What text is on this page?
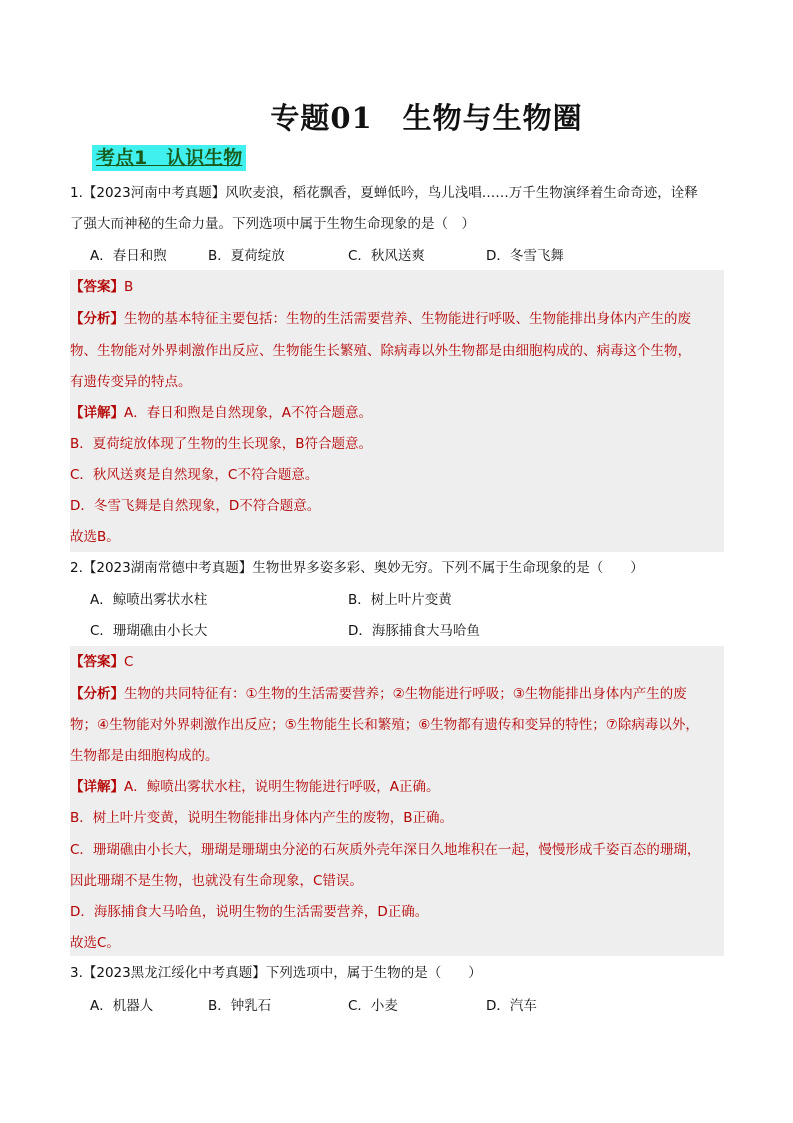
专题01　生物与生物圈
考点1　认识生物
1.【2023河南中考真题】风吹麦浪，稻花飘香，夏蝉低吟，鸟儿浅唱……万千生物演绎着生命奇迹，诠释
了强大而神秘的生命力量。下列选项中属于生物生命现象的是（　）
A．春日和煦	B．夏荷绽放	C．秋风送爽	D．冬雪飞舞
【答案】B
【分析】生物的基本特征主要包括：生物的生活需要营养、生物能进行呼吸、生物能排出身体内产生的废
物、生物能对外界刺激作出反应、生物能生长繁殖、除病毒以外生物都是由细胞构成的、病毒这个生物，
有遗传变异的特点。
【详解】A．春日和煦是自然现象，A不符合题意。
B．夏荷绽放体现了生物的生长现象，B符合题意。
C．秋风送爽是自然现象，C不符合题意。
D．冬雪飞舞是自然现象，D不符合题意。
故选B。
2.【2023湖南常德中考真题】生物世界多姿多彩、奥妙无穷。下列不属于生命现象的是（　　）
A．鲸喷出雾状水柱	B．树上叶片变黄
C．珊瑚礁由小长大	D．海豚捕食大马哈鱼
【答案】C
【分析】生物的共同特征有：①生物的生活需要营养；②生物能进行呼吸；③生物能排出身体内产生的废
物；④生物能对外界刺激作出反应；⑤生物能生长和繁殖；⑥生物都有遗传和变异的特性；⑦除病毒以外，
生物都是由细胞构成的。
【详解】A．鲸喷出雾状水柱，说明生物能进行呼吸，A正确。
B．树上叶片变黄，说明生物能排出身体内产生的废物，B正确。
C．珊瑚礁由小长大，珊瑚是珊瑚虫分泌的石灰质外壳年深日久地堆积在一起，慢慢形成千姿百态的珊瑚，
因此珊瑚不是生物，也就没有生命现象，C错误。
D．海豚捕食大马哈鱼，说明生物的生活需要营养，D正确。
故选C。
3.【2023黑龙江绥化中考真题】下列选项中，属于生物的是（　　）
A．机器人	B．钟乳石	C．小麦	D．汽车
